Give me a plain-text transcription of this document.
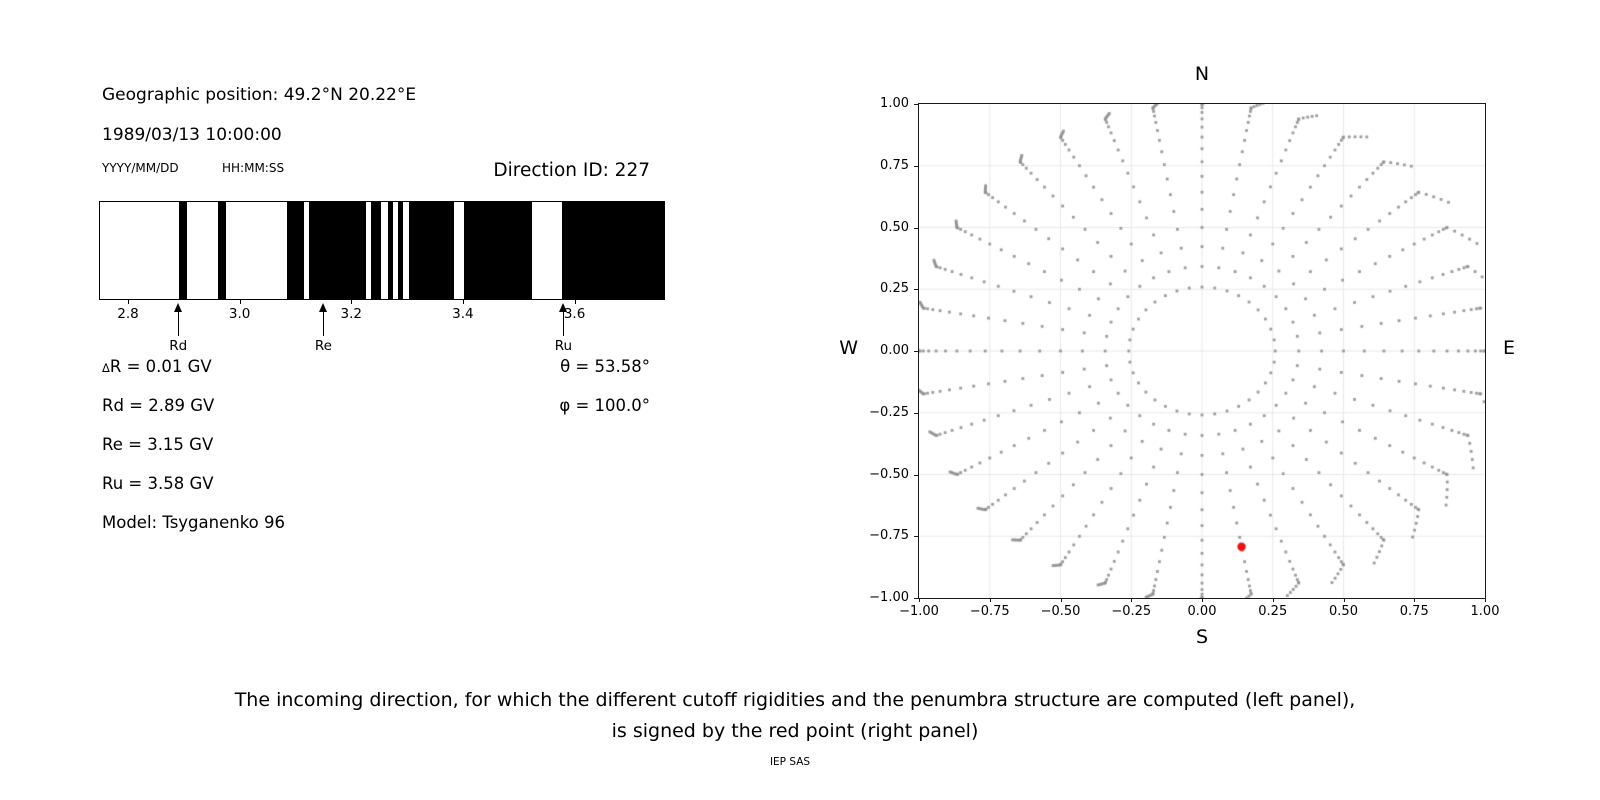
Geographic position: 49.2°N 20.22°E
1989/03/13 10:00:00
YYYY/MM/DD	HH:MM:SS	Direction ID: 227
2.8	3.0	3.2	3.4	3.6
Rd	Re	Ru
ΔR = 0.01 GV
Rd = 2.89 GV
Re = 3.15 GV
Ru = 3.58 GV
Model: Tsyganenko 96
θ = 53.58°
φ = 100.0°
N
S
W	E
−1.00
−1.00
−0.75
−0.75
−0.50
−0.50
−0.25
−0.25
0.00
0.00
0.25
0.25
0.50
0.50
0.75
0.75
1.00
1.00
The incoming direction, for which the different cutoff rigidities and the penumbra structure are computed (left panel),
is signed by the red point (right panel)
IEP SAS
